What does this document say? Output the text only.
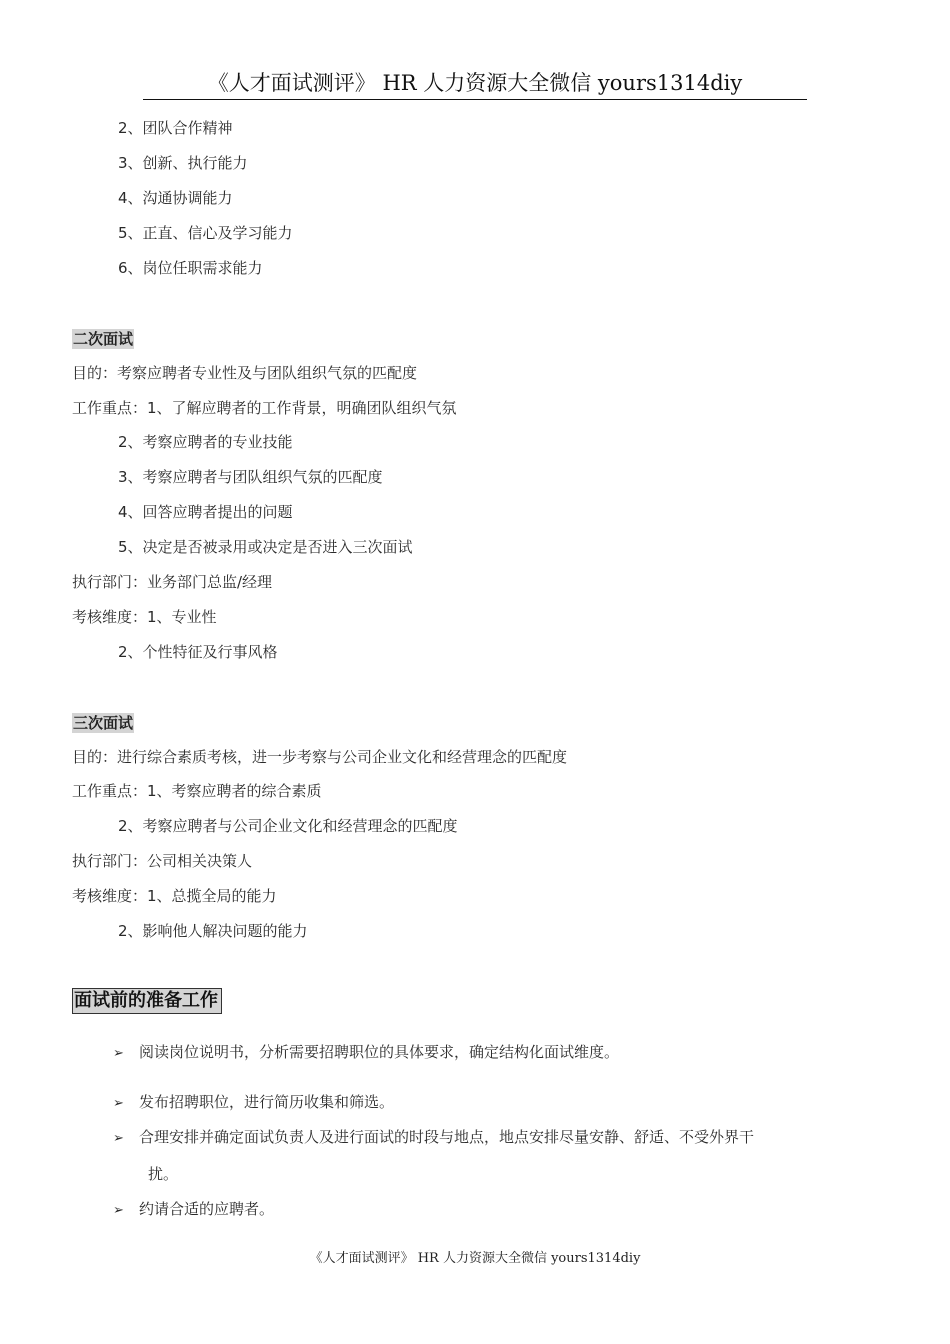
《人才面试测评》 HR 人力资源大全微信 yours1314diy
2、团队合作精神
3、创新、执行能力
4、沟通协调能力
5、正直、信心及学习能力
6、岗位任职需求能力
二次面试
目的：考察应聘者专业性及与团队组织气氛的匹配度
工作重点：1、了解应聘者的工作背景，明确团队组织气氛
2、考察应聘者的专业技能
3、考察应聘者与团队组织气氛的匹配度
4、回答应聘者提出的问题
5、决定是否被录用或决定是否进入三次面试
执行部门：业务部门总监/经理
考核维度：1、专业性
2、个性特征及行事风格
三次面试
目的：进行综合素质考核，进一步考察与公司企业文化和经营理念的匹配度
工作重点：1、考察应聘者的综合素质
2、考察应聘者与公司企业文化和经营理念的匹配度
执行部门：公司相关决策人
考核维度：1、总揽全局的能力
2、影响他人解决问题的能力
面试前的准备工作
➢ 阅读岗位说明书，分析需要招聘职位的具体要求，确定结构化面试维度。
➢ 发布招聘职位，进行简历收集和筛选。
➢ 合理安排并确定面试负责人及进行面试的时段与地点，地点安排尽量安静、舒适、不受外界干
扰。
➢ 约请合适的应聘者。
《人才面试测评》 HR 人力资源大全微信 yours1314diy
